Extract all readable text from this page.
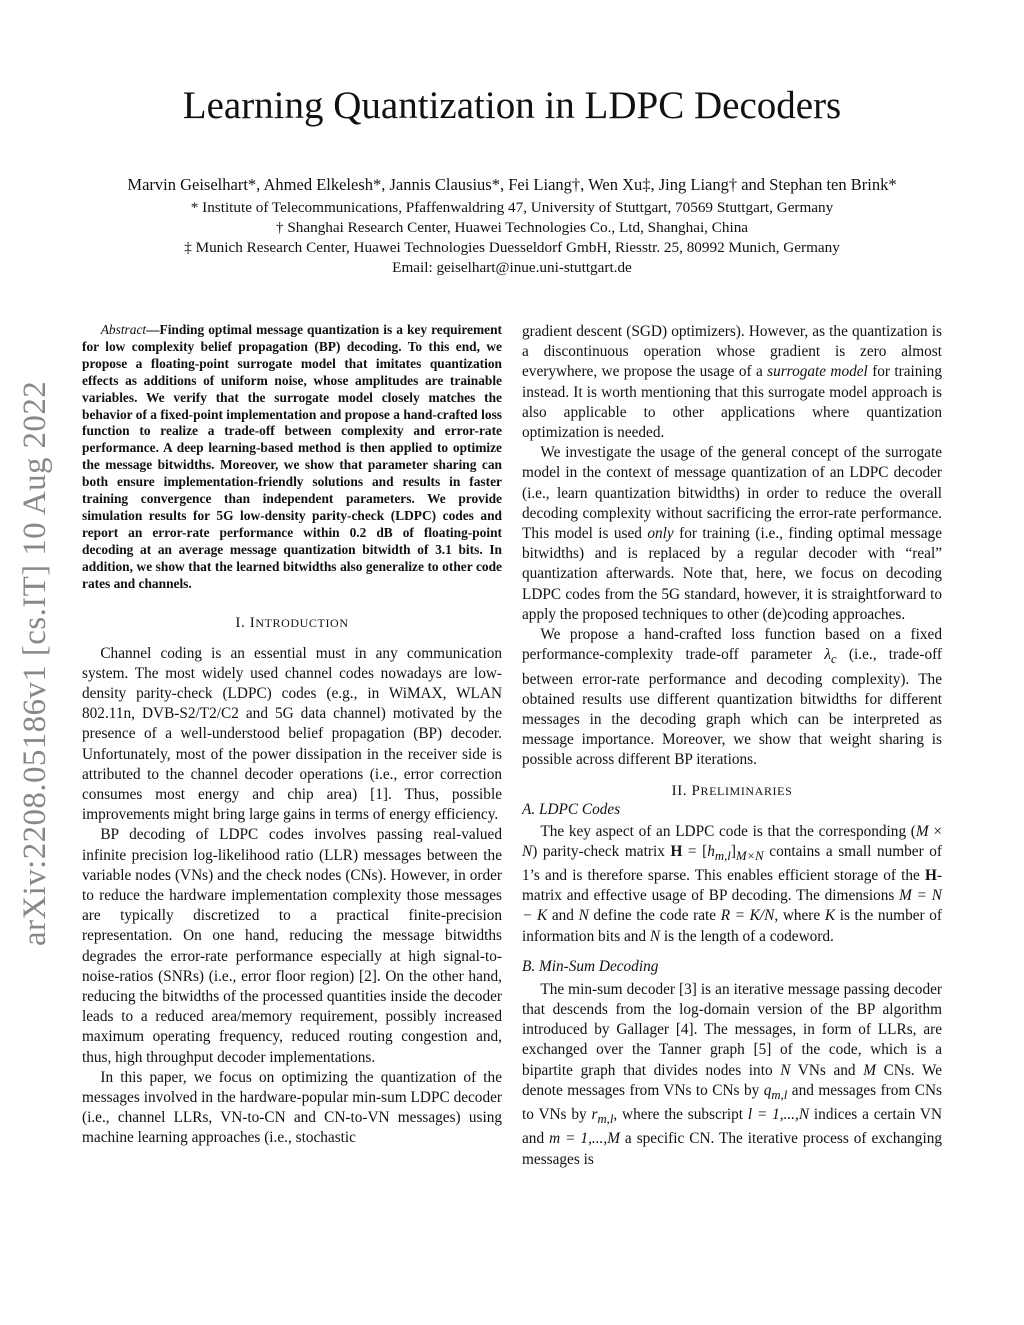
arXiv:2208.05186v1 [cs.IT] 10 Aug 2022
Learning Quantization in LDPC Decoders
Marvin Geiselhart*, Ahmed Elkelesh*, Jannis Clausius*, Fei Liang†, Wen Xu‡, Jing Liang† and Stephan ten Brink*
* Institute of Telecommunications, Pfaffenwaldring 47, University of Stuttgart, 70569 Stuttgart, Germany
† Shanghai Research Center, Huawei Technologies Co., Ltd, Shanghai, China
‡ Munich Research Center, Huawei Technologies Duesseldorf GmbH, Riesstr. 25, 80992 Munich, Germany
Email: geiselhart@inue.uni-stuttgart.de

Abstract—Finding optimal message quantization is a key requirement for low complexity belief propagation (BP) decoding. To this end, we propose a floating-point surrogate model that imitates quantization effects as additions of uniform noise, whose amplitudes are trainable variables. We verify that the surrogate model closely matches the behavior of a fixed-point implementation and propose a hand-crafted loss function to realize a trade-off between complexity and error-rate performance. A deep learning-based method is then applied to optimize the message bitwidths. Moreover, we show that parameter sharing can both ensure implementation-friendly solutions and results in faster training convergence than independent parameters. We provide simulation results for 5G low-density parity-check (LDPC) codes and report an error-rate performance within 0.2 dB of floating-point decoding at an average message quantization bitwidth of 3.1 bits. In addition, we show that the learned bitwidths also generalize to other code rates and channels.

I. INTRODUCTION

Channel coding is an essential must in any communication system. The most widely used channel codes nowadays are low-density parity-check (LDPC) codes (e.g., in WiMAX, WLAN 802.11n, DVB-S2/T2/C2 and 5G data channel) motivated by the presence of a well-understood belief propagation (BP) decoder. Unfortunately, most of the power dissipation in the receiver side is attributed to the channel decoder operations (i.e., error correction consumes most energy and chip area) [1]. Thus, possible improvements might bring large gains in terms of energy efficiency.

BP decoding of LDPC codes involves passing real-valued infinite precision log-likelihood ratio (LLR) messages between the variable nodes (VNs) and the check nodes (CNs). However, in order to reduce the hardware implementation complexity those messages are typically discretized to a practical finite-precision representation. On one hand, reducing the message bitwidths degrades the error-rate performance especially at high signal-to-noise-ratios (SNRs) (i.e., error floor region) [2]. On the other hand, reducing the bitwidths of the processed quantities inside the decoder leads to a reduced area/memory requirement, possibly increased maximum operating frequency, reduced routing congestion and, thus, high throughput decoder implementations.

In this paper, we focus on optimizing the quantization of the messages involved in the hardware-popular min-sum LDPC decoder (i.e., channel LLRs, VN-to-CN and CN-to-VN messages) using machine learning approaches (i.e., stochastic

gradient descent (SGD) optimizers). However, as the quantization is a discontinuous operation whose gradient is zero almost everywhere, we propose the usage of a surrogate model for training instead. It is worth mentioning that this surrogate model approach is also applicable to other applications where quantization optimization is needed.

We investigate the usage of the general concept of the surrogate model in the context of message quantization of an LDPC decoder (i.e., learn quantization bitwidths) in order to reduce the overall decoding complexity without sacrificing the error-rate performance. This model is used only for training (i.e., finding optimal message bitwidths) and is replaced by a regular decoder with “real” quantization afterwards. Note that, here, we focus on decoding LDPC codes from the 5G standard, however, it is straightforward to apply the proposed techniques to other (de)coding approaches.

We propose a hand-crafted loss function based on a fixed performance-complexity trade-off parameter $\lambda_c$ (i.e., trade-off between error-rate performance and decoding complexity). The obtained results use different quantization bitwidths for different messages in the decoding graph which can be interpreted as message importance. Moreover, we show that weight sharing is possible across different BP iterations.

II. PRELIMINARIES
A. LDPC Codes

The key aspect of an LDPC code is that the corresponding (M × N) parity-check matrix $H = [h_{m,l}]_{M\times N}$ contains a small number of 1’s and is therefore sparse. This enables efficient storage of the H-matrix and effective usage of BP decoding. The dimensions M = N − K and N define the code rate R = K/N, where K is the number of information bits and N is the length of a codeword.

B. Min-Sum Decoding

The min-sum decoder [3] is an iterative message passing decoder that descends from the log-domain version of the BP algorithm introduced by Gallager [4]. The messages, in form of LLRs, are exchanged over the Tanner graph [5] of the code, which is a bipartite graph that divides nodes into N VNs and M CNs. We denote messages from VNs to CNs by $q_{m,l}$ and messages from CNs to VNs by $r_{m,l}$, where the subscript l = 1,...,N indices a certain VN and m = 1,...,M a specific CN. The iterative process of exchanging messages is
